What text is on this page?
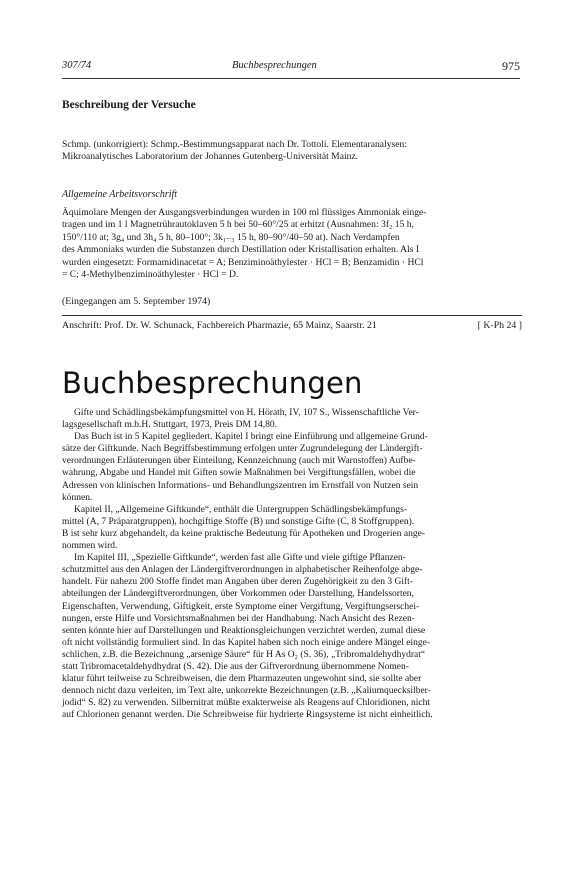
307/74	Buchbesprechungen	975
Beschreibung der Versuche
Schmp. (unkorrigiert): Schmp.-Bestimmungsapparat nach Dr. Tottoli. Elementaranalysen:
Mikroanalytisches Laboratorium der Johannes Gutenberg-Universität Mainz.
Allgemeine Arbeitsvorschrift
Äquimolare Mengen der Ausgangsverbindungen wurden in 100 ml flüssiges Ammoniak einge-
tragen und im 1 l Magnetrührautoklaven 5 h bei 50–60°/25 at erhitzt (Ausnahmen: 3f₂ 15 h,
150°/110 at; 3g₄ und 3h₄ 5 h, 80–100°; 3k₁₋₃ 15 h, 80–90°/40–50 at). Nach Verdampfen
des Ammoniaks wurden die Substanzen durch Destillation oder Kristallisation erhalten. Als I
wurden eingesetzt: Formamidinacetat = A; Benziminoäthylester · HCl = B; Benzamidin · HCl
= C; 4-Methylbenziminoäthylester · HCl = D.
(Eingegangen am 5. September 1974)
Anschrift: Prof. Dr. W. Schunack, Fachbereich Pharmazie, 65 Mainz, Saarstr. 21	[ K-Ph 24 ]
Buchbesprechungen
Gifte und Schädlingsbekämpfungsmittel von H. Hörath, IV, 107 S., Wissenschaftliche Ver-
lagsgesellschaft m.b.H. Stuttgart, 1973, Preis DM 14,80.
Das Buch ist in 5 Kapitel gegliedert. Kapitel I bringt eine Einführung und allgemeine Grund-
sätze der Giftkunde. Nach Begriffsbestimmung erfolgen unter Zugrundelegung der Ländergift-
verordnungen Erläuterungen über Einteilung, Kennzeichnung (auch mit Warnstoffen) Aufbe-
wahrung, Abgabe und Handel mit Giften sowie Maßnahmen bei Vergiftungsfällen, wobei die
Adressen von klinischen Informations- und Behandlungszentren im Ernstfall von Nutzen sein
können.
Kapitel II, „Allgemeine Giftkunde“, enthält die Untergruppen Schädlingsbekämpfungs-
mittel (A, 7 Präparatgruppen), hochgiftige Stoffe (B) und sonstige Gifte (C, 8 Stoffgruppen).
B ist sehr kurz abgehandelt, da keine praktische Bedeutung für Apotheken und Drogerien ange-
nommen wird.
Im Kapitel III, „Spezielle Giftkunde“, werden fast alle Gifte und viele giftige Pflanzen-
schutzmittel aus den Anlagen der Ländergiftverordnungen in alphabetischer Reihenfolge abge-
handelt. Für nahezu 200 Stoffe findet man Angaben über deren Zugehörigkeit zu den 3 Gift-
abteilungen der Ländergiftverordnungen, über Vorkommen oder Darstellung, Handelssorten,
Eigenschaften, Verwendung, Giftigkeit, erste Symptome einer Vergiftung, Vergiftungserschei-
nungen, erste Hilfe und Vorsichtsmaßnahmen bei der Handhabung. Nach Ansicht des Rezen-
senten könnte hier auf Darstellungen und Reaktionsgleichungen verzichtet werden, zumal diese
oft nicht vollständig formuliert sind. In das Kapitel haben sich noch einige andere Mängel einge-
schlichen, z.B. die Bezeichnung „arsenige Säure“ für H As O₂ (S. 36), „Tribromaldehydhydrat“
statt Tribromacetaldehydhydrat (S. 42). Die aus der Giftverordnung übernommene Nomen-
klatur führt teilweise zu Schreibweisen, die dem Pharmazeuten ungewohnt sind, sie sollte aber
dennoch nicht dazu verleiten, im Text alte, unkorrekte Bezeichnungen (z.B. „Kaliumquecksilber-
jodid“ S. 82) zu verwenden. Silbernitrat müßte exakterweise als Reagens auf Chloridionen, nicht
auf Chlorionen genannt werden. Die Schreibweise für hydrierte Ringsysteme ist nicht einheitlich.
